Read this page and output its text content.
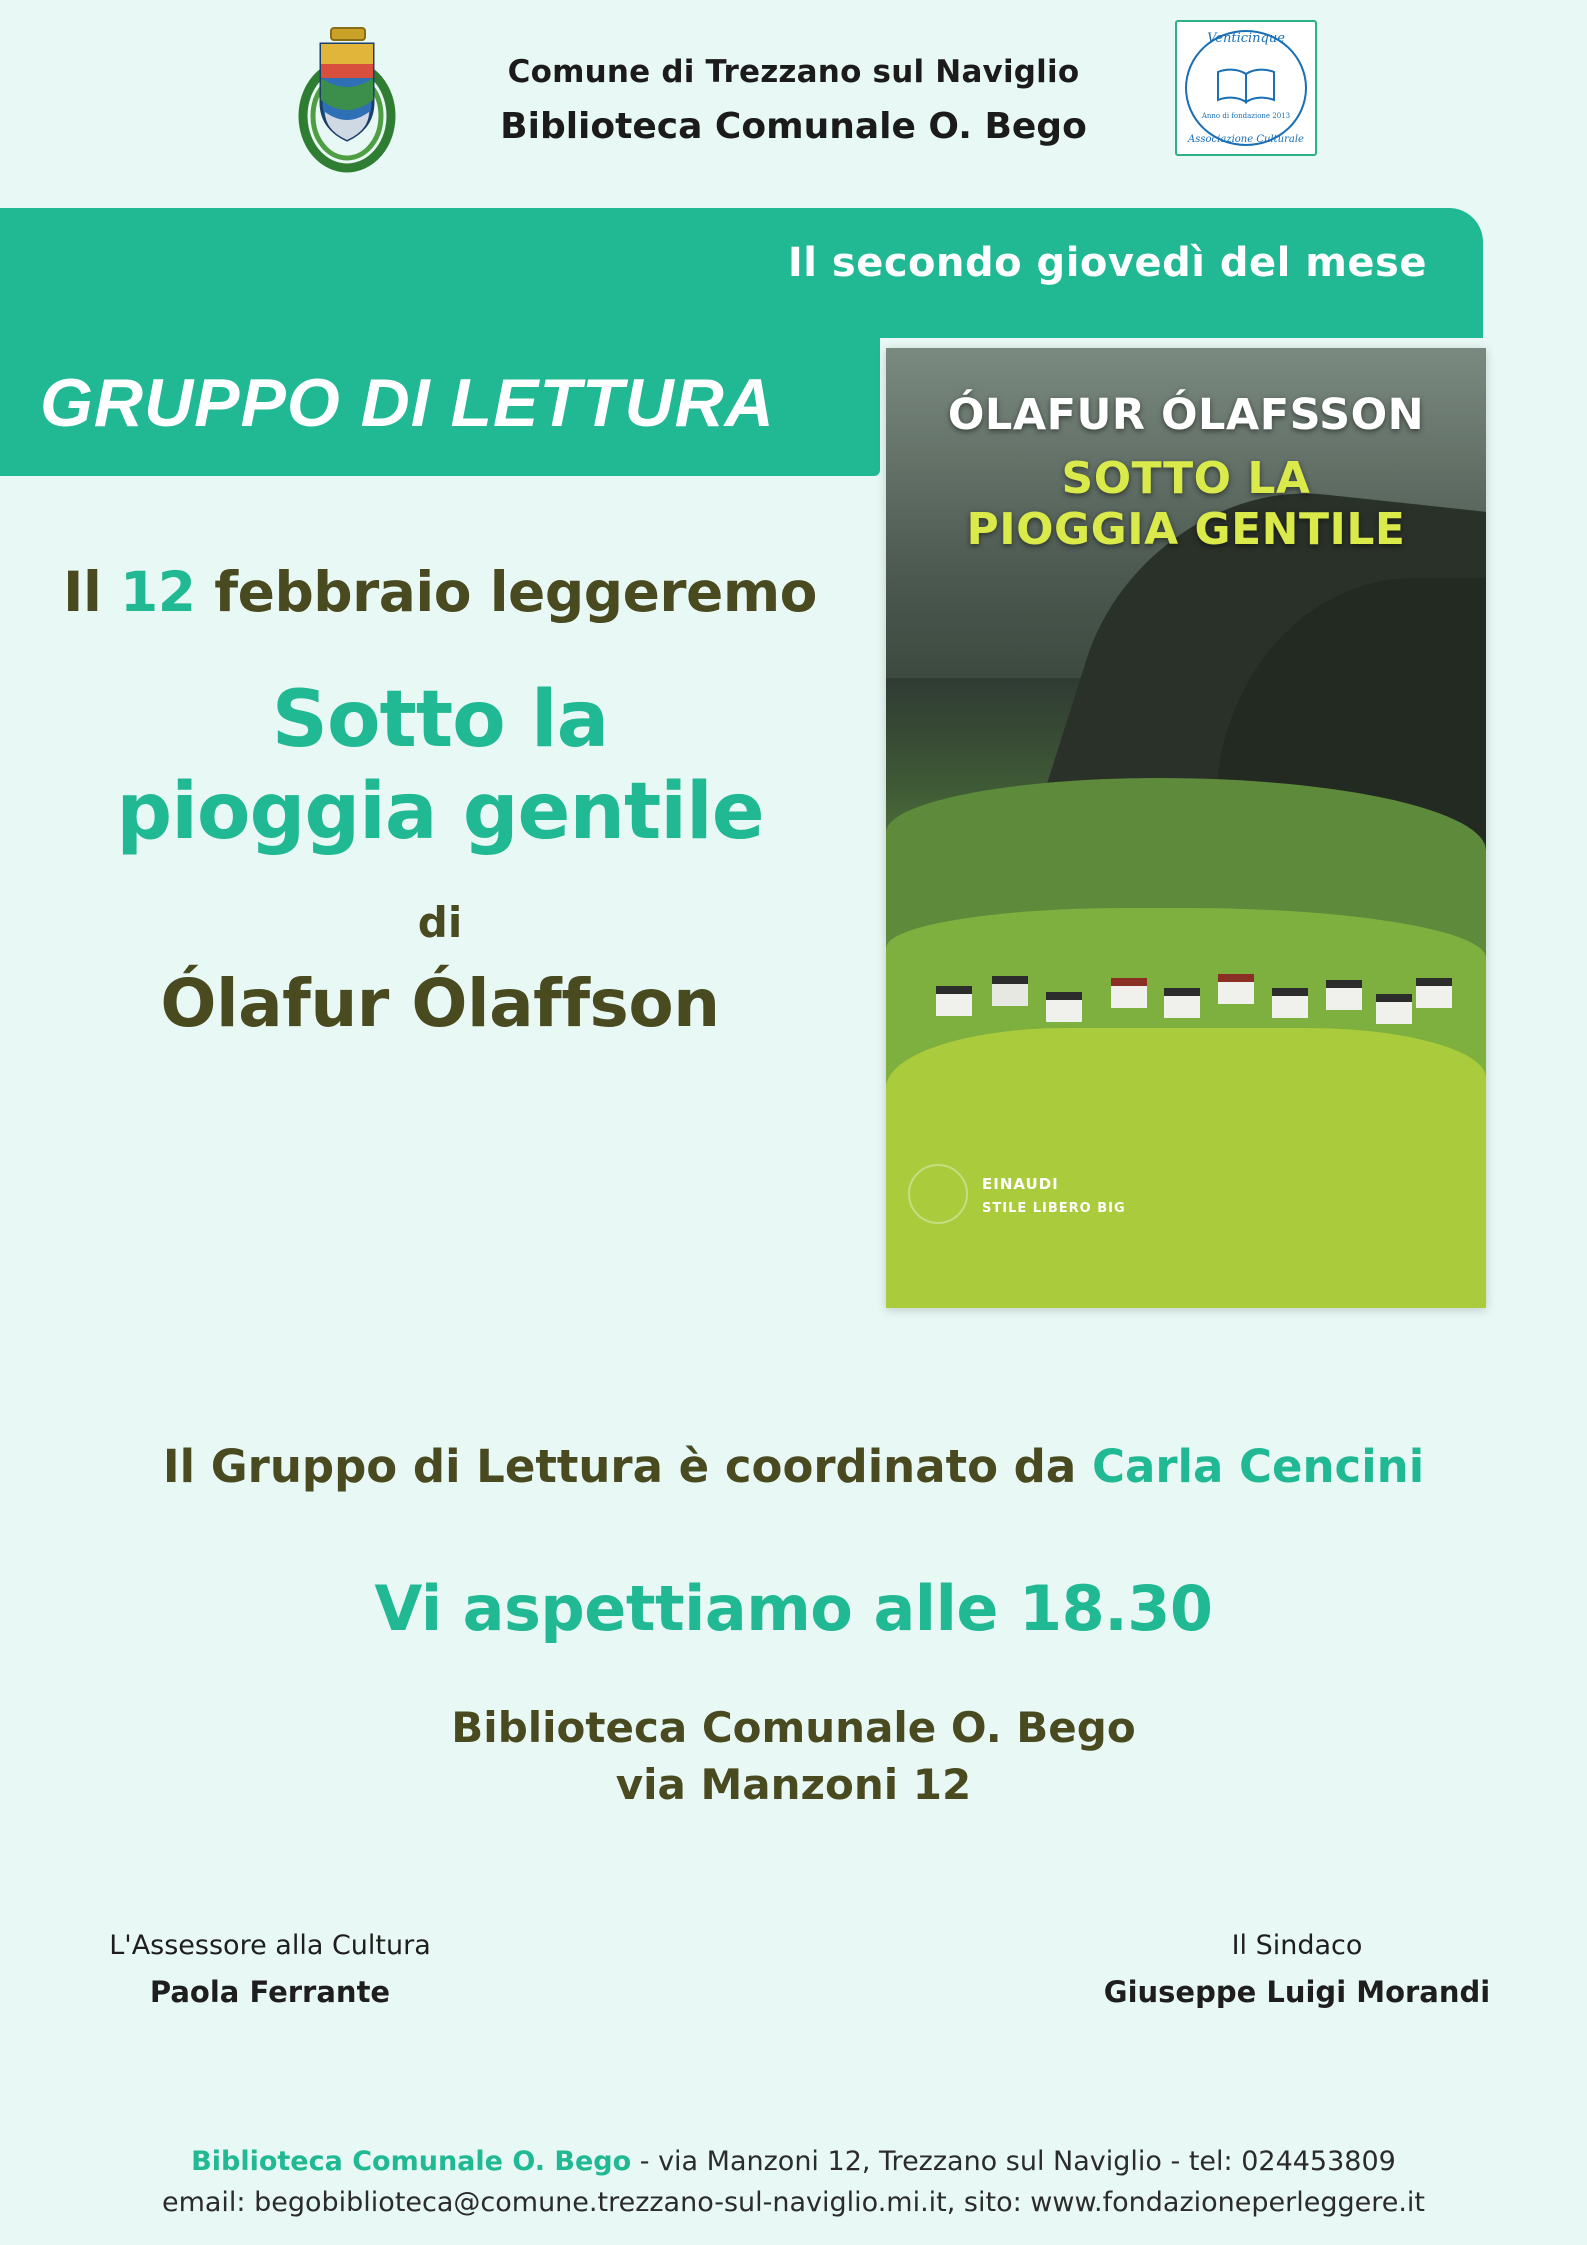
Comune di Trezzano sul Naviglio
Biblioteca Comunale O. Bego
Venticinque
Anno di fondazione 2013
Associazione Culturale
Il secondo giovedì del mese
GRUPPO DI LETTURA	ÓLAFUR ÓLAFSSON
SOTTO LA
PIOGGIA GENTILE
EINAUDI
STILE LIBERO BIG
Il 12 febbraio leggeremo
Sotto la
pioggia gentile
di
Ólafur Ólaffson
Il Gruppo di Lettura è coordinato da Carla Cencini
Vi aspettiamo alle 18.30
Biblioteca Comunale O. Bego
via Manzoni 12
L'Assessore alla Cultura
Paola Ferrante
Il Sindaco
Giuseppe Luigi Morandi
Biblioteca Comunale O. Bego - via Manzoni 12, Trezzano sul Naviglio - tel: 024453809
email: begobiblioteca@comune.trezzano-sul-naviglio.mi.it, sito: www.fondazioneperleggere.it
